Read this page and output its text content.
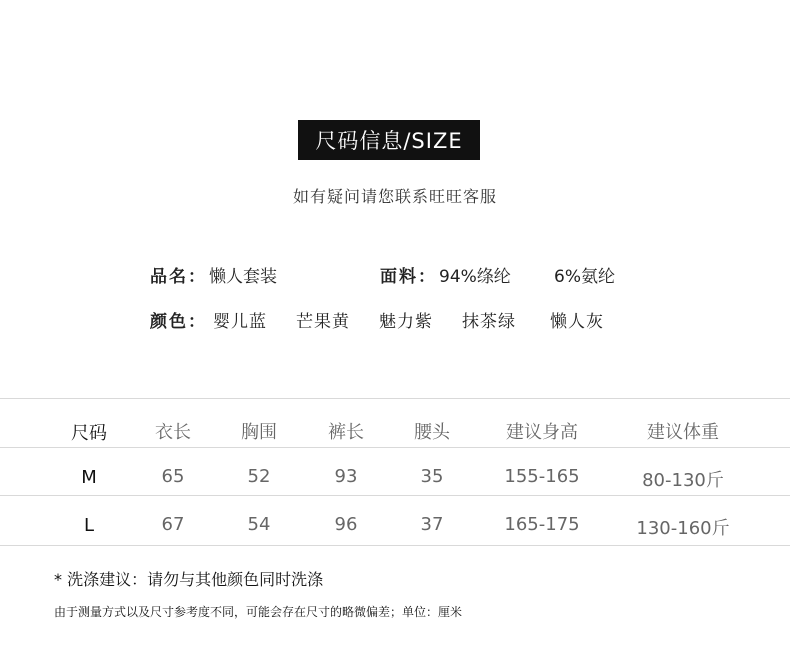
尺码信息/SIZE
如有疑问请您联系旺旺客服
品名： 懒人套装	面料： 94%绦纶	6%氨纶
颜色： 婴儿蓝 芒果黄 魅力紫 抹茶绿 懒人灰
尺码	衣长	胸围	裤长	腰头	建议身高	建议体重
M	65	52	93	35	155-165	80-130斤
L	67	54	96	37	165-175	130-160斤
* 洗涤建议：请勿与其他颜色同时洗涤
由于测量方式以及尺寸参考度不同，可能会存在尺寸的略微偏差；单位：厘米
